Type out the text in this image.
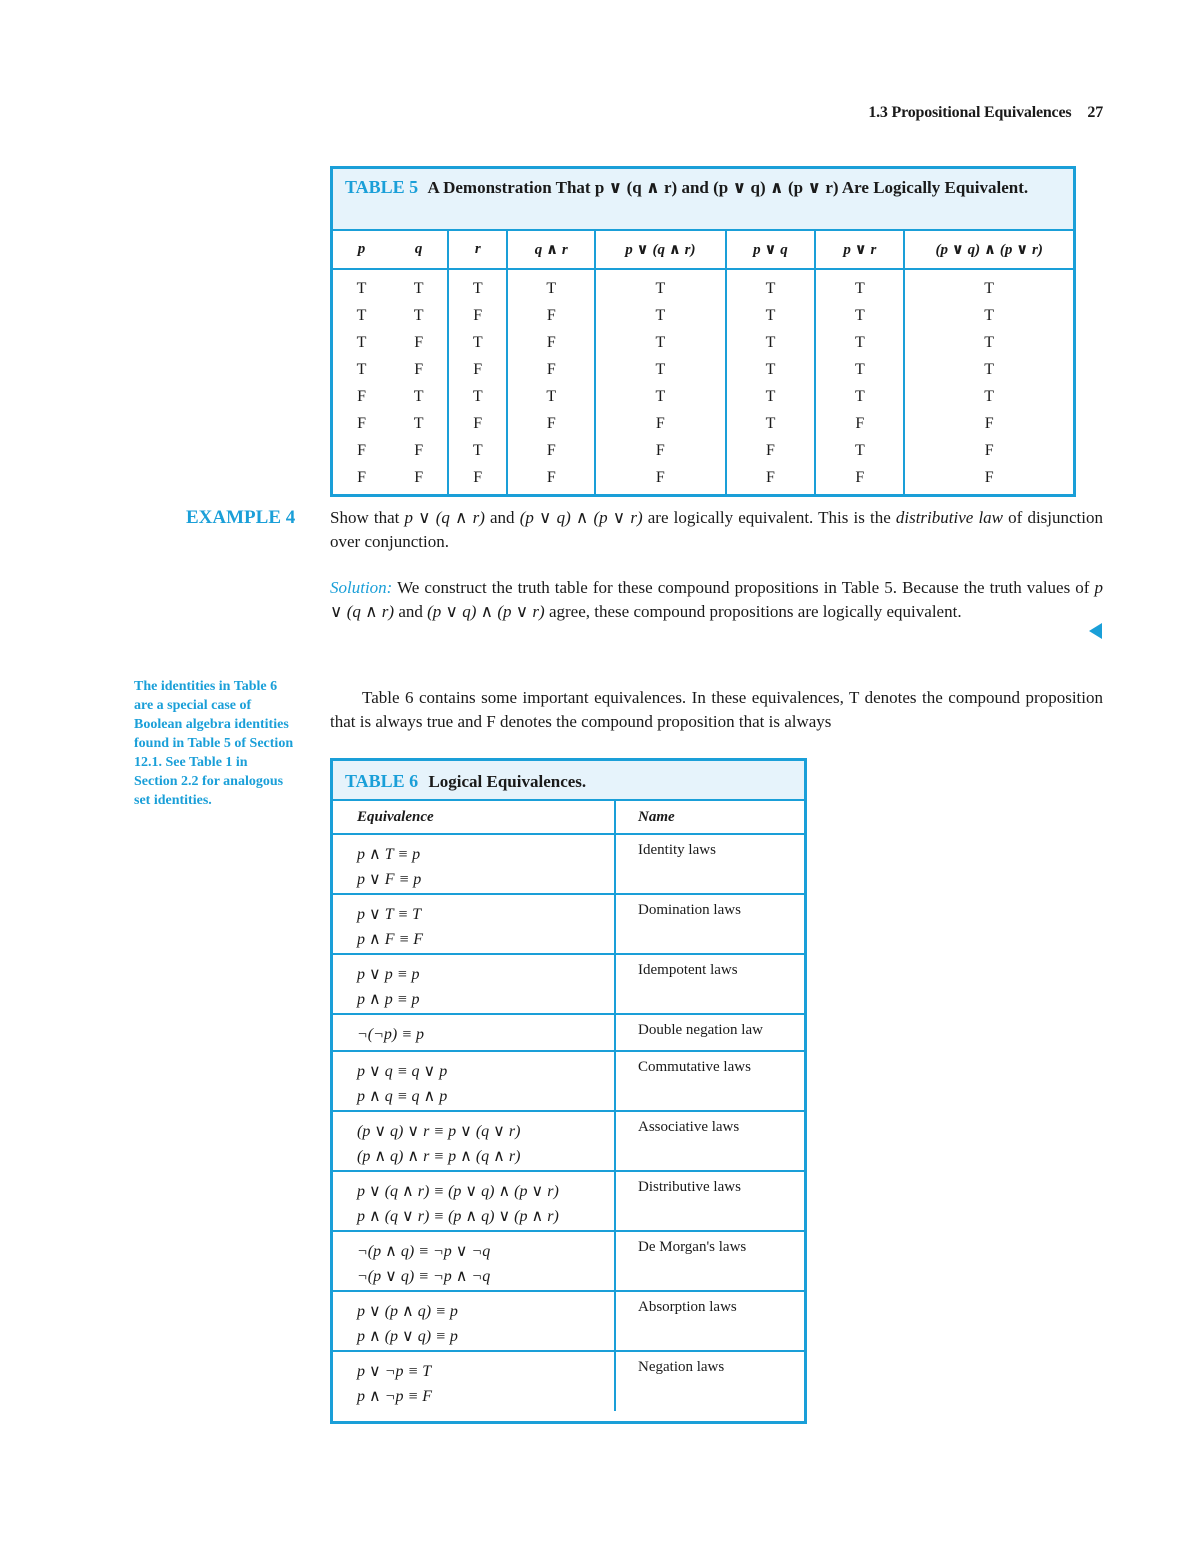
1.3 Propositional Equivalences 27
TABLE 5 A Demonstration That p ∨ (q ∧ r) and (p ∨ q) ∧ (p ∨ r) Are Logically Equivalent.
p	q	r	q ∧ r	p ∨ (q ∧ r)	p ∨ q	p ∨ r	(p ∨ q) ∧ (p ∨ r)
T	T	T	T	T	T	T	T
T	T	F	F	T	T	T	T
T	F	T	F	T	T	T	T
T	F	F	F	T	T	T	T
F	T	T	T	T	T	T	T
F	T	F	F	F	T	F	F
F	F	T	F	F	F	T	F
F	F	F	F	F	F	F	F
EXAMPLE 4 Show that p ∨ (q ∧ r) and (p ∨ q) ∧ (p ∨ r) are logically equivalent. This is the distributive law of disjunction over conjunction.
Solution: We construct the truth table for these compound propositions in Table 5. Because the truth values of p ∨ (q ∧ r) and (p ∨ q) ∧ (p ∨ r) agree, these compound propositions are logically equivalent.
The identities in Table 6 are a special case of Boolean algebra identities found in Table 5 of Section 12.1. See Table 1 in Section 2.2 for analogous set identities.
Table 6 contains some important equivalences. In these equivalences, T denotes the compound proposition that is always true and F denotes the compound proposition that is always
TABLE 6 Logical Equivalences.
Equivalence	Name

p ∧ T ≡ p
p ∨ F ≡ p	Identity laws

p ∨ T ≡ T
p ∧ F ≡ F	Domination laws

p ∨ p ≡ p
p ∧ p ≡ p	Idempotent laws

¬(¬p) ≡ p	Double negation law

p ∨ q ≡ q ∨ p
p ∧ q ≡ q ∧ p	Commutative laws

(p ∨ q) ∨ r ≡ p ∨ (q ∨ r)
(p ∧ q) ∧ r ≡ p ∧ (q ∧ r)	Associative laws

p ∨ (q ∧ r) ≡ (p ∨ q) ∧ (p ∨ r)
p ∧ (q ∨ r) ≡ (p ∧ q) ∨ (p ∧ r)	Distributive laws

¬(p ∧ q) ≡ ¬p ∨ ¬q
¬(p ∨ q) ≡ ¬p ∧ ¬q	De Morgan's laws

p ∨ (p ∧ q) ≡ p
p ∧ (p ∨ q) ≡ p	Absorption laws

p ∨ ¬p ≡ T
p ∧ ¬p ≡ F	Negation laws
